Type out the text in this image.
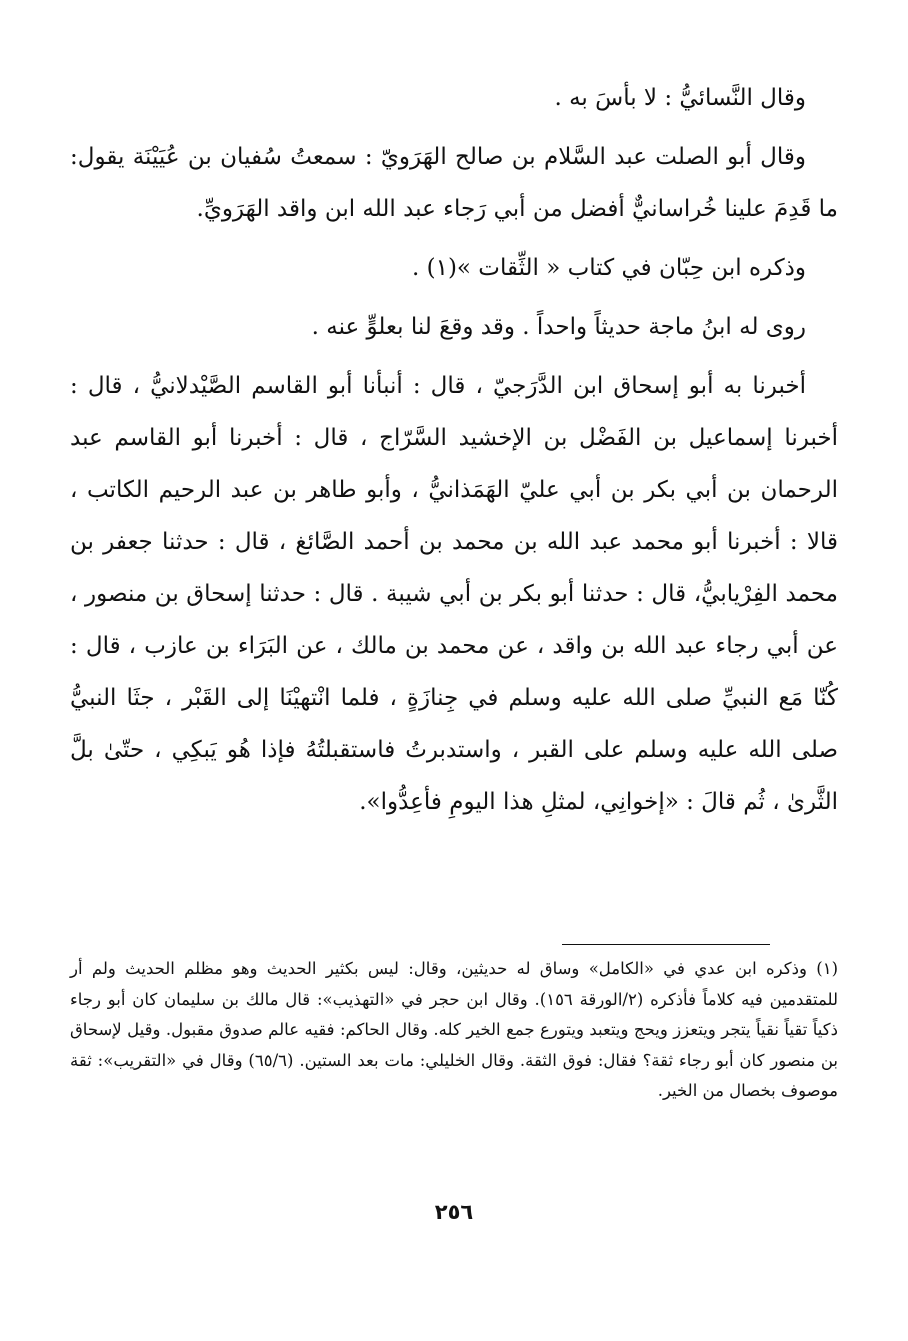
وقال النَّسائيُّ : لا بأسَ به .

وقال أبو الصلت عبد السَّلام بن صالح الهَرَويّ : سمعتُ سُفيان بن عُيَيْنَة يقول: ما قَدِمَ علينا خُراسانيٌّ أفضل من أبي رَجاء عبد الله ابن واقد الهَرَويِّ.

وذكره ابن حِبّان في كتاب « الثِّقات »(١) .

روى له ابنُ ماجة حديثاً واحداً . وقد وقعَ لنا بعلوٍّ عنه .

أخبرنا به أبو إسحاق ابن الدَّرَجيّ ، قال : أنبأنا أبو القاسم الصَّيْدلانيُّ ، قال : أخبرنا إسماعيل بن الفَضْل بن الإخشيد السَّرّاج ، قال : أخبرنا أبو القاسم عبد الرحمان بن أبي بكر بن أبي عليّ الهَمَذانيُّ ، وأبو طاهر بن عبد الرحيم الكاتب ، قالا : أخبرنا أبو محمد عبد الله بن محمد بن أحمد الصَّائغ ، قال : حدثنا جعفر بن محمد الفِرْيابيُّ، قال : حدثنا أبو بكر بن أبي شيبة . قال : حدثنا إسحاق بن منصور ، عن أبي رجاء عبد الله بن واقد ، عن محمد بن مالك ، عن البَرَاء بن عازب ، قال : كُنّا مَع النبيِّ صلى الله عليه وسلم في جِنازَةٍ ، فلما انْتهيْنَا إلى القَبْر ، جثَا النبيُّ صلى الله عليه وسلم على القبر ، واستدبرتُ فاستقبلتُهُ فإذا هُو يَبكِي ، حتّىٰ بلَّ الثَّرىٰ ، ثُم قالَ : «إخوانِي، لمثلِ هذا اليومِ فأعِدُّوا».

(١) وذكره ابن عدي في «الكامل» وساق له حديثين، وقال: ليس بكثير الحديث وهو مظلم الحديث ولم أر للمتقدمين فيه كلاماً فأذكره (٢/الورقة ١٥٦). وقال ابن حجر في «التهذيب»: قال مالك بن سليمان كان أبو رجاء ذكياً تقياً نقياً يتجر ويتعزز ويحج ويتعبد ويتورع جمع الخير كله. وقال الحاكم: فقيه عالم صدوق مقبول. وقيل لإسحاق بن منصور كان أبو رجاء ثقة؟ فقال: فوق الثقة. وقال الخليلي: مات بعد الستين. (٦٥/٦) وقال في «التقريب»: ثقة موصوف بخصال من الخير.

٢٥٦
